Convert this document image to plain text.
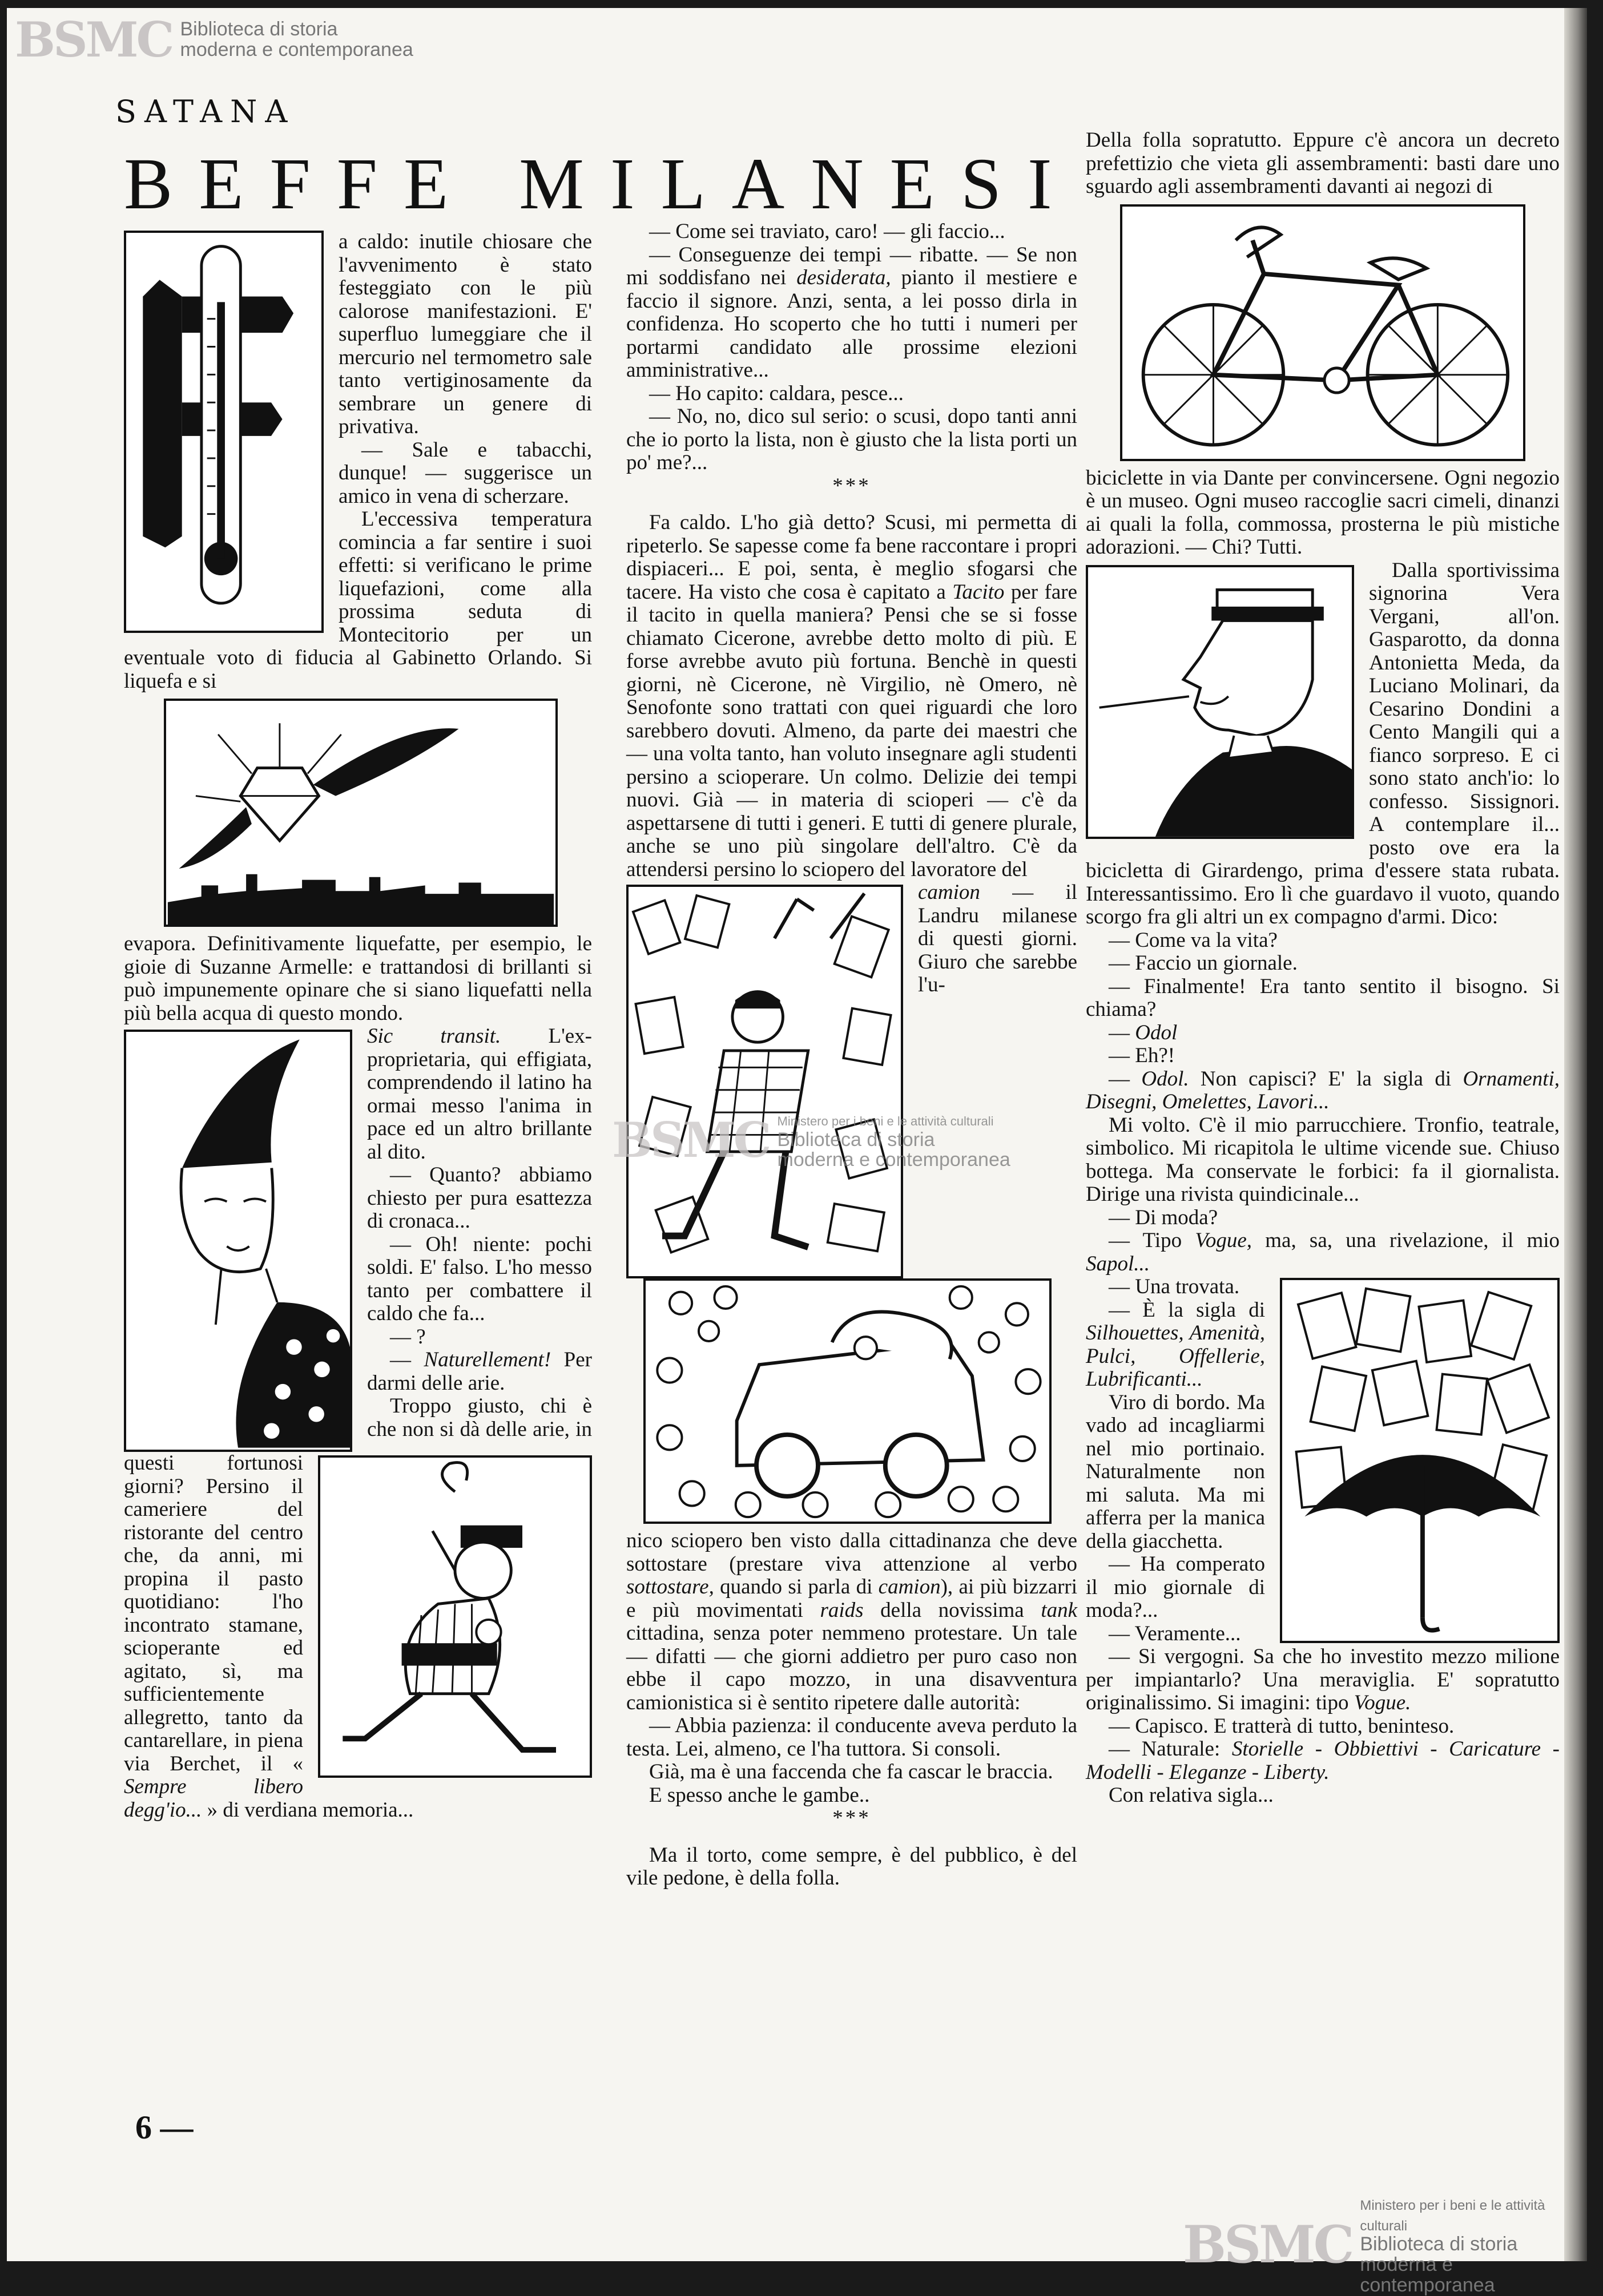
BSMC Biblioteca di storia
moderna e contemporanea
SATANA
BEFFE MILANESI

a caldo: inutile chiosare che l'avvenimento è stato festeggiato con le più calorose manifestazioni. E' superfluo lumeggiare che il mercurio nel termometro sale tanto vertiginosamente da sembrare un genere di privativa.

— Sale e tabacchi, dunque! — suggerisce un amico in vena di scherzare.

L'eccessiva temperatura comincia a far sentire i suoi effetti: si verificano le prime liquefazioni, come alla prossima seduta di Montecitorio per un eventuale voto di fiducia al Gabinetto Orlando. Si liquefa e si

evapora. Definitivamente liquefatte, per esempio, le gioie di Suzanne Armelle: e trattandosi di brillanti si può impunemente opinare che si siano liquefatti nella più bella acqua di questo mondo.

Sic transit. L'ex-proprietaria, qui effigiata, comprendendo il latino ha ormai messo l'anima in pace ed un altro brillante al dito.

— Quanto? abbiamo chiesto per pura esattezza di cronaca...

— Oh! niente: pochi soldi. E' falso. L'ho messo tanto per combattere il caldo che fa...

— ?

— Naturellement! Per darmi delle arie.

Troppo giusto, chi è che non si dà delle arie, in questi fortunosi giorni? Persino il cameriere del ristorante del centro che, da anni, mi propina il pasto quotidiano: l'ho incontrato stamane, scioperante ed agitato, sì, ma sufficientemente allegretto, tanto da cantarellare, in piena via Berchet, il « Sempre libero degg'io... » di verdiana memoria...

— Come sei traviato, caro! — gli faccio...

— Conseguenze dei tempi — ribatte. — Se non mi soddisfano nei desiderata, pianto il mestiere e faccio il signore. Anzi, senta, a lei posso dirla in confidenza. Ho scoperto che ho tutti i numeri per portarmi candidato alle prossime elezioni amministrative...

— Ho capito: caldara, pesce...

— No, no, dico sul serio: o scusi, dopo tanti anni che io porto la lista, non è giusto che la lista porti un po' me?...

***

Fa caldo. L'ho già detto? Scusi, mi permetta di ripeterlo. Se sapesse come fa bene raccontare i propri dispiaceri... E poi, senta, è meglio sfogarsi che tacere. Ha visto che cosa è capitato a Tacito per fare il tacito in quella maniera? Pensi che se si fosse chiamato Cicerone, avrebbe detto molto di più. E forse avrebbe avuto più fortuna. Benchè in questi giorni, nè Cicerone, nè Virgilio, nè Omero, nè Senofonte sono trattati con quei riguardi che loro sarebbero dovuti. Almeno, da parte dei maestri che — una volta tanto, han voluto insegnare agli studenti persino a scioperare. Un colmo. Delizie dei tempi nuovi. Già — in materia di scioperi — c'è da aspettarsene di tutti i generi. E tutti di genere plurale, anche se uno più singolare dell'altro. C'è da attendersi persino lo sciopero del lavoratore del

camion — il Landru milanese di questi giorni. Giuro che sarebbe l'u-

nico sciopero ben visto dalla cittadinanza che deve sottostare (prestare viva attenzione al verbo sottostare, quando si parla di camion), ai più bizzarri e più movimentati raids della novissima tank cittadina, senza poter nemmeno protestare. Un tale — difatti — che giorni addietro per puro caso non ebbe il capo mozzo, in una disavventura camionistica si è sentito ripetere dalle autorità:

— Abbia pazienza: il conducente aveva perduto la testa. Lei, almeno, ce l'ha tuttora. Si consoli.

Già, ma è una faccenda che fa cascar le braccia.

E spesso anche le gambe..

***

Ma il torto, come sempre, è del pubblico, è del vile pedone, è della folla.

BSMC Ministero per i beni e le attività culturali
Biblioteca di storia
moderna e contemporanea

Della folla sopratutto. Eppure c'è ancora un decreto prefettizio che vieta gli assembramenti: basti dare uno sguardo agli assembramenti davanti ai negozi di

biciclette in via Dante per convincersene. Ogni negozio è un museo. Ogni museo raccoglie sacri cimeli, dinanzi ai quali la folla, commossa, prosterna le più mistiche adorazioni. — Chi? Tutti.

Dalla sportivissima signorina Vera Vergani, all'on. Gasparotto, da donna Antonietta Meda, da Luciano Molinari, da Cesarino Dondini a Cento Mangili qui a fianco sorpreso. E ci sono stato anch'io: lo confesso. Sissignori. A contemplare il... posto ove era la bicicletta di Girardengo, prima d'essere stata rubata. Interessantissimo. Ero lì che guardavo il vuoto, quando scorgo fra gli altri un ex compagno d'armi. Dico:

— Come va la vita?

— Faccio un giornale.

— Finalmente! Era tanto sentito il bisogno. Si chiama?

— Odol

— Eh?!

— Odol. Non capisci? E' la sigla di Ornamenti, Disegni, Omelettes, Lavori...

Mi volto. C'è il mio parrucchiere. Tronfio, teatrale, simbolico. Mi ricapitola le ultime vicende sue. Chiuso bottega. Ma conservate le forbici: fa il giornalista. Dirige una rivista quindicinale...

— Di moda?

— Tipo Vogue, ma, sa, una rivelazione, il mio Sapol...

— Una trovata.

— È la sigla di Silhouettes, Amenità, Pulci, Offellerie, Lubrificanti...

Viro di bordo. Ma vado ad incagliarmi nel mio portinaio. Naturalmente non mi saluta. Ma mi afferra per la manica della giacchetta.

— Ha comperato il mio giornale di moda?...

— Veramente...

— Si vergogni. Sa che ho investito mezzo milione per impiantarlo? Una meraviglia. E' sopratutto originalissimo. Si imagini: tipo Vogue.

— Capisco. E tratterà di tutto, beninteso.

— Naturale: Storielle - Obbiettivi - Caricature - Modelli - Eleganze - Liberty.

Con relativa sigla...

6 —
BSMC
Ministero per i beni e le attività culturali
Biblioteca di storia
moderna e contemporanea
